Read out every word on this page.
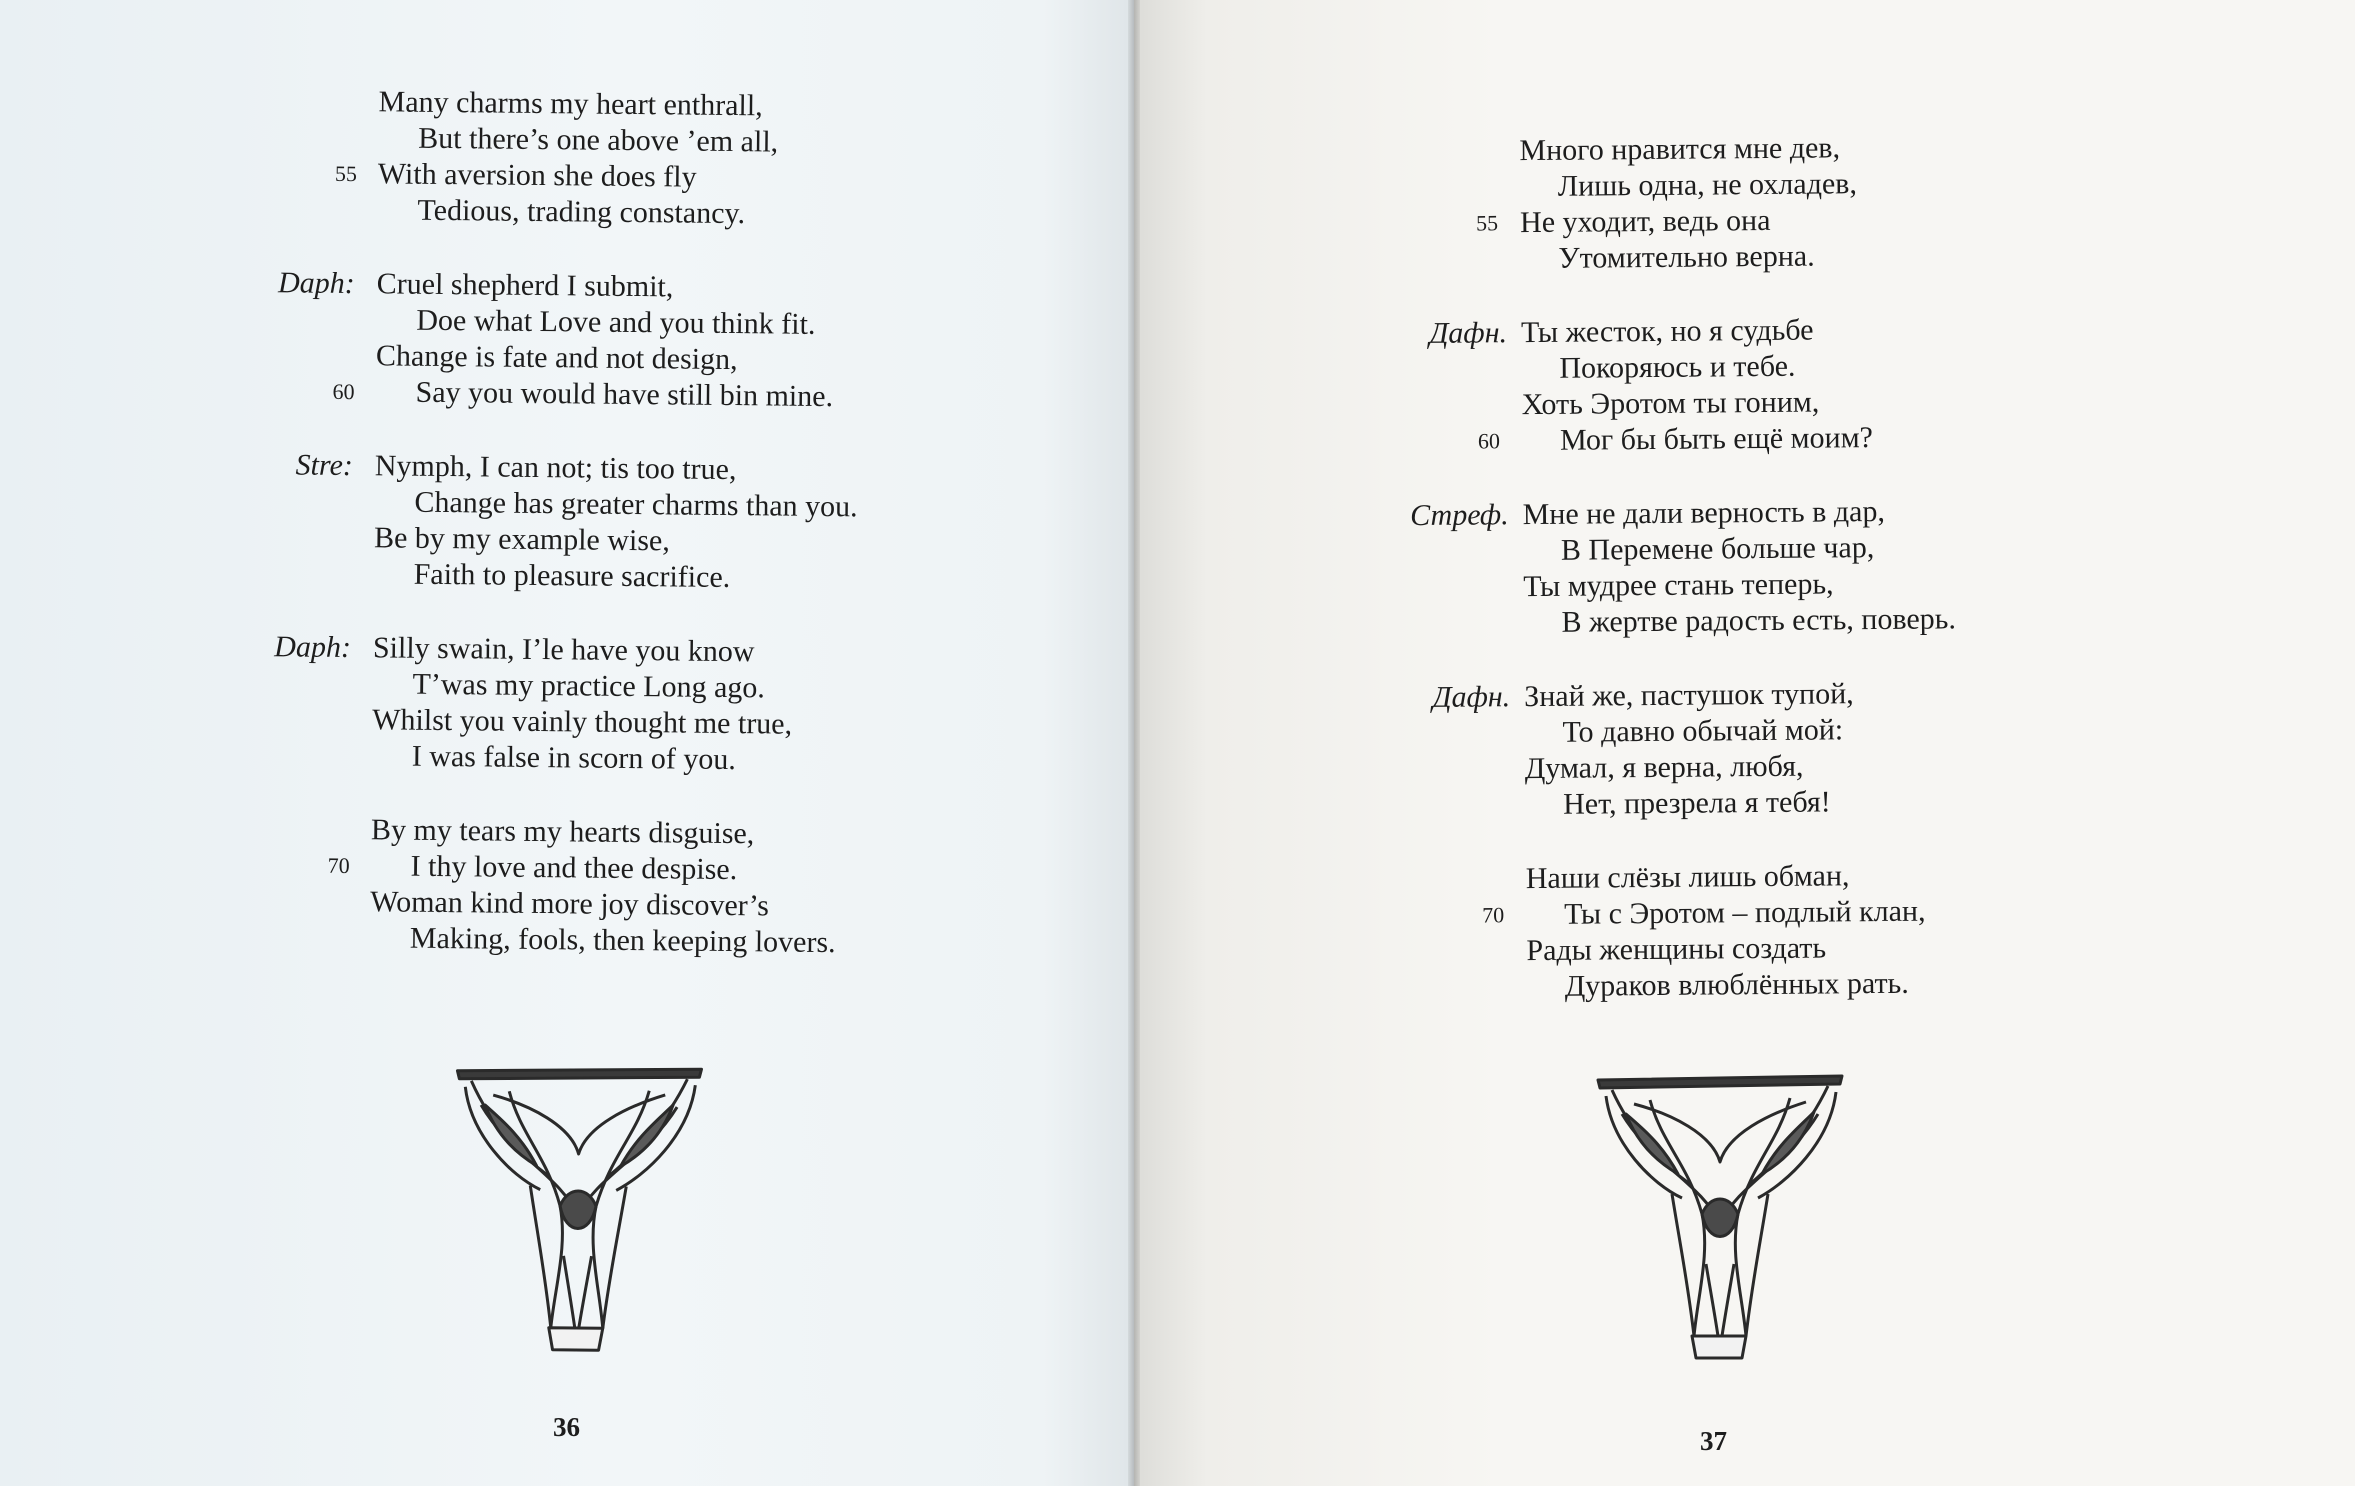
Many charms my heart enthrall,
But there’s one above ’em all,
55 With aversion she does fly
Tedious, trading constancy.
Daph: Cruel shepherd I submit,
Doe what Love and you think fit.
Change is fate and not design,
60 Say you would have still bin mine.
Stre: Nymph, I can not; tis too true,
Change has greater charms than you.
Be by my example wise,
Faith to pleasure sacrifice.
Daph: Silly swain, I’le have you know
T’was my practice Long ago.
Whilst you vainly thought me true,
I was false in scorn of you.
By my tears my hearts disguise,
70 I thy love and thee despise.
Woman kind more joy discover’s
Making, fools, then keeping lovers.
36
Много нравится мне дев,
Лишь одна, не охладев,
55 Не уходит, ведь она
Утомительно верна.
Дафн. Ты жесток, но я судьбе
Покоряюсь и тебе.
Хоть Эротом ты гоним,
60 Мог бы быть ещё моим?
Стреф. Мне не дали верность в дар,
В Перемене больше чар,
Ты мудрее стань теперь,
В жертве радость есть, поверь.
Дафн. Знай же, пастушок тупой,
То давно обычай мой:
Думал, я верна, любя,
Нет, презрела я тебя!
Наши слёзы лишь обман,
70 Ты с Эротом – подлый клан,
Рады женщины создать
Дураков влюблённых рать.
37
